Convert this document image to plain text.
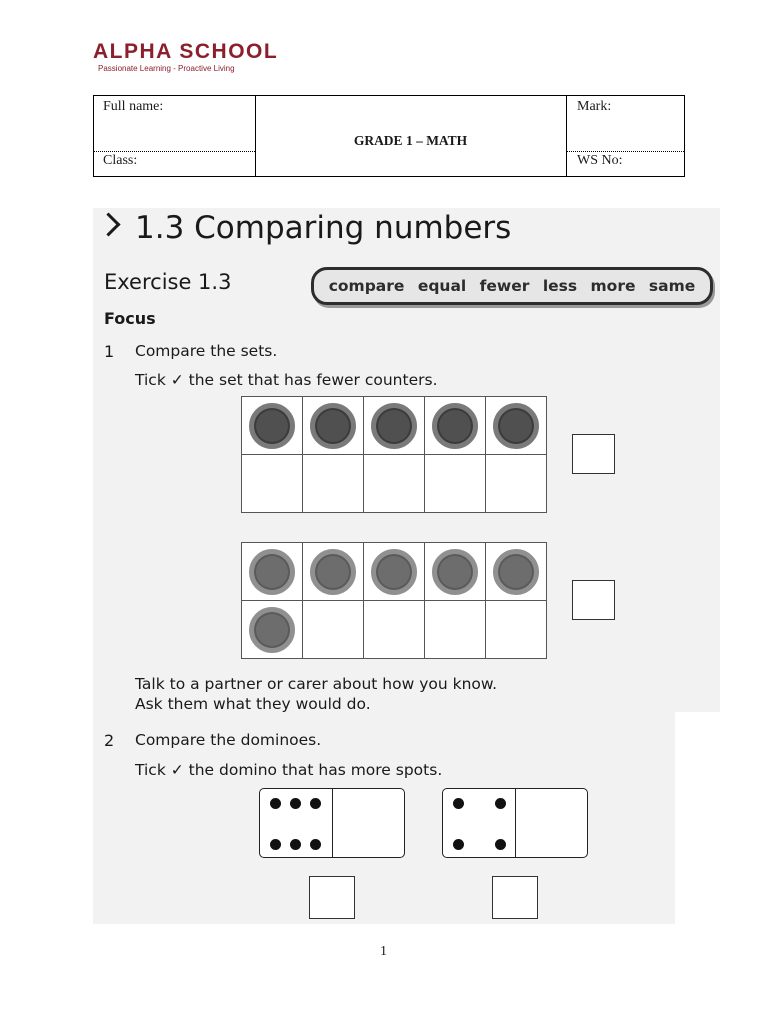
ALPHA SCHOOL
Passionate Learning - Proactive Living
Full name:
Class:
GRADE 1 – MATH
Mark:
WS No:
1.3 Comparing numbers
Exercise 1.3	compare equal fewer less more same
Focus
1 Compare the sets.
Tick ✓ the set that has fewer counters.

Talk to a partner or carer about how you know.
Ask them what they would do.
2 Compare the dominoes.
Tick ✓ the domino that has more spots.
1
